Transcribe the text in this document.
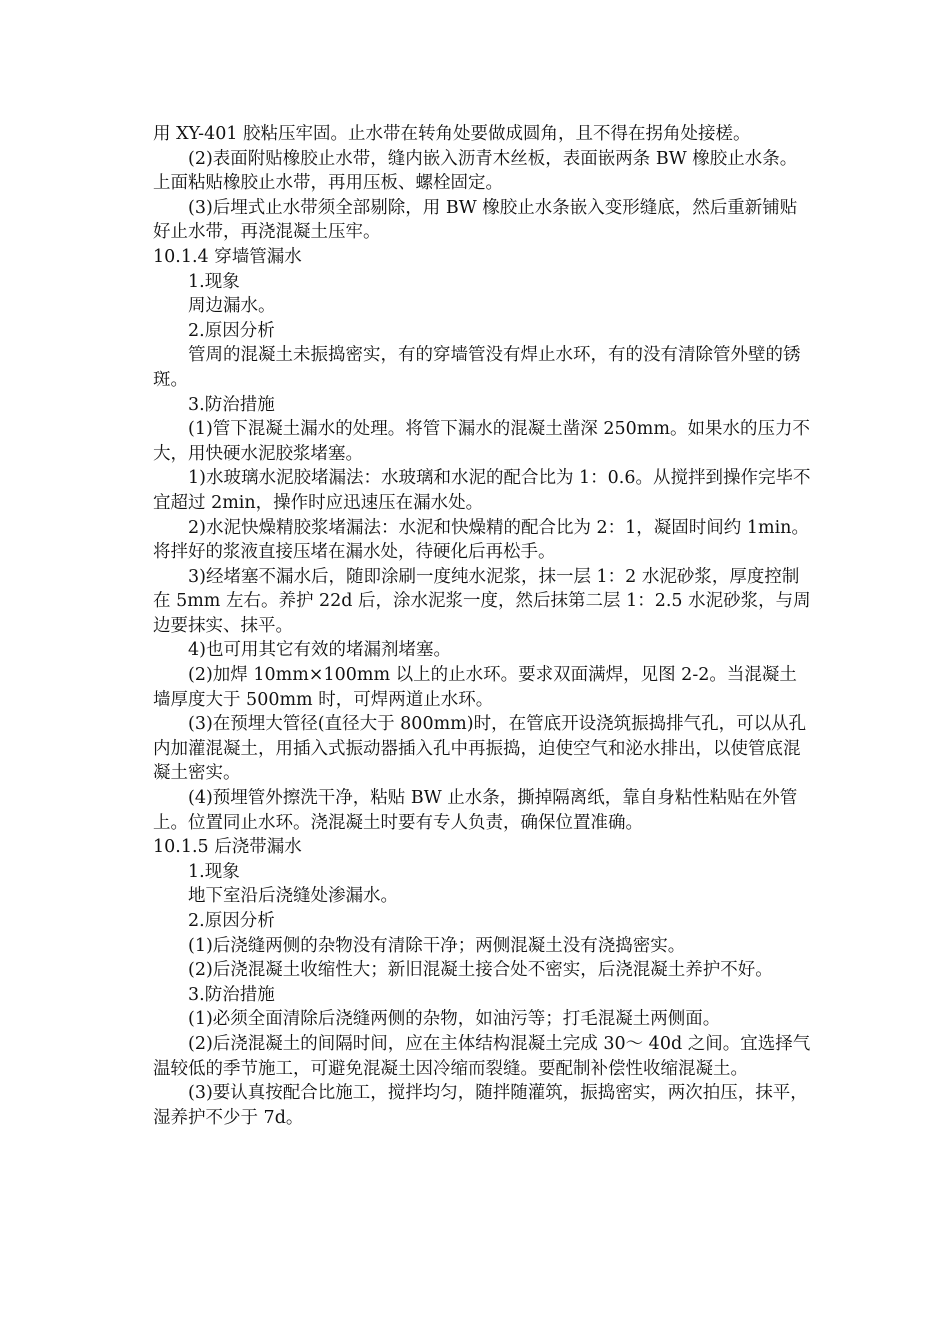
用 XY-401 胶粘压牢固。止水带在转角处要做成圆角，且不得在拐角处接槎。

(2)表面附贴橡胶止水带，缝内嵌入沥青木丝板，表面嵌两条 BW 橡胶止水条。上面粘贴橡胶止水带，再用压板、螺栓固定。

(3)后埋式止水带须全部剔除，用 BW 橡胶止水条嵌入变形缝底，然后重新铺贴好止水带，再浇混凝土压牢。

10.1.4 穿墙管漏水

1.现象

周边漏水。

2.原因分析

管周的混凝土未振捣密实，有的穿墙管没有焊止水环，有的没有清除管外壁的锈斑。

3.防治措施

(1)管下混凝土漏水的处理。将管下漏水的混凝土凿深 250mm。如果水的压力不大，用快硬水泥胶浆堵塞。

1)水玻璃水泥胶堵漏法：水玻璃和水泥的配合比为 1：0.6。从搅拌到操作完毕不宜超过 2min，操作时应迅速压在漏水处。

2)水泥快燥精胶浆堵漏法：水泥和快燥精的配合比为 2：1，凝固时间约 1min。将拌好的浆液直接压堵在漏水处，待硬化后再松手。

3)经堵塞不漏水后，随即涂刷一度纯水泥浆，抹一层 1：2 水泥砂浆，厚度控制在 5mm 左右。养护 22d 后，涂水泥浆一度，然后抹第二层 1：2.5 水泥砂浆，与周边要抹实、抹平。

4)也可用其它有效的堵漏剂堵塞。

(2)加焊 10mm×100mm 以上的止水环。要求双面满焊，见图 2-2。当混凝土墙厚度大于 500mm 时，可焊两道止水环。

(3)在预埋大管径(直径大于 800mm)时，在管底开设浇筑振捣排气孔，可以从孔内加灌混凝土，用插入式振动器插入孔中再振捣，迫使空气和泌水排出，以使管底混凝土密实。

(4)预埋管外擦洗干净，粘贴 BW 止水条，撕掉隔离纸，靠自身粘性粘贴在外管上。位置同止水环。浇混凝土时要有专人负责，确保位置准确。

10.1.5 后浇带漏水

1.现象

地下室沿后浇缝处渗漏水。

2.原因分析

(1)后浇缝两侧的杂物没有清除干净；两侧混凝土没有浇捣密实。

(2)后浇混凝土收缩性大；新旧混凝土接合处不密实，后浇混凝土养护不好。

3.防治措施

(1)必须全面清除后浇缝两侧的杂物，如油污等；打毛混凝土两侧面。

(2)后浇混凝土的间隔时间，应在主体结构混凝土完成 30～ 40d 之间。宜选择气温较低的季节施工，可避免混凝土因冷缩而裂缝。要配制补偿性收缩混凝土。

(3)要认真按配合比施工，搅拌均匀，随拌随灌筑，振捣密实，两次拍压，抹平，湿养护不少于 7d。
